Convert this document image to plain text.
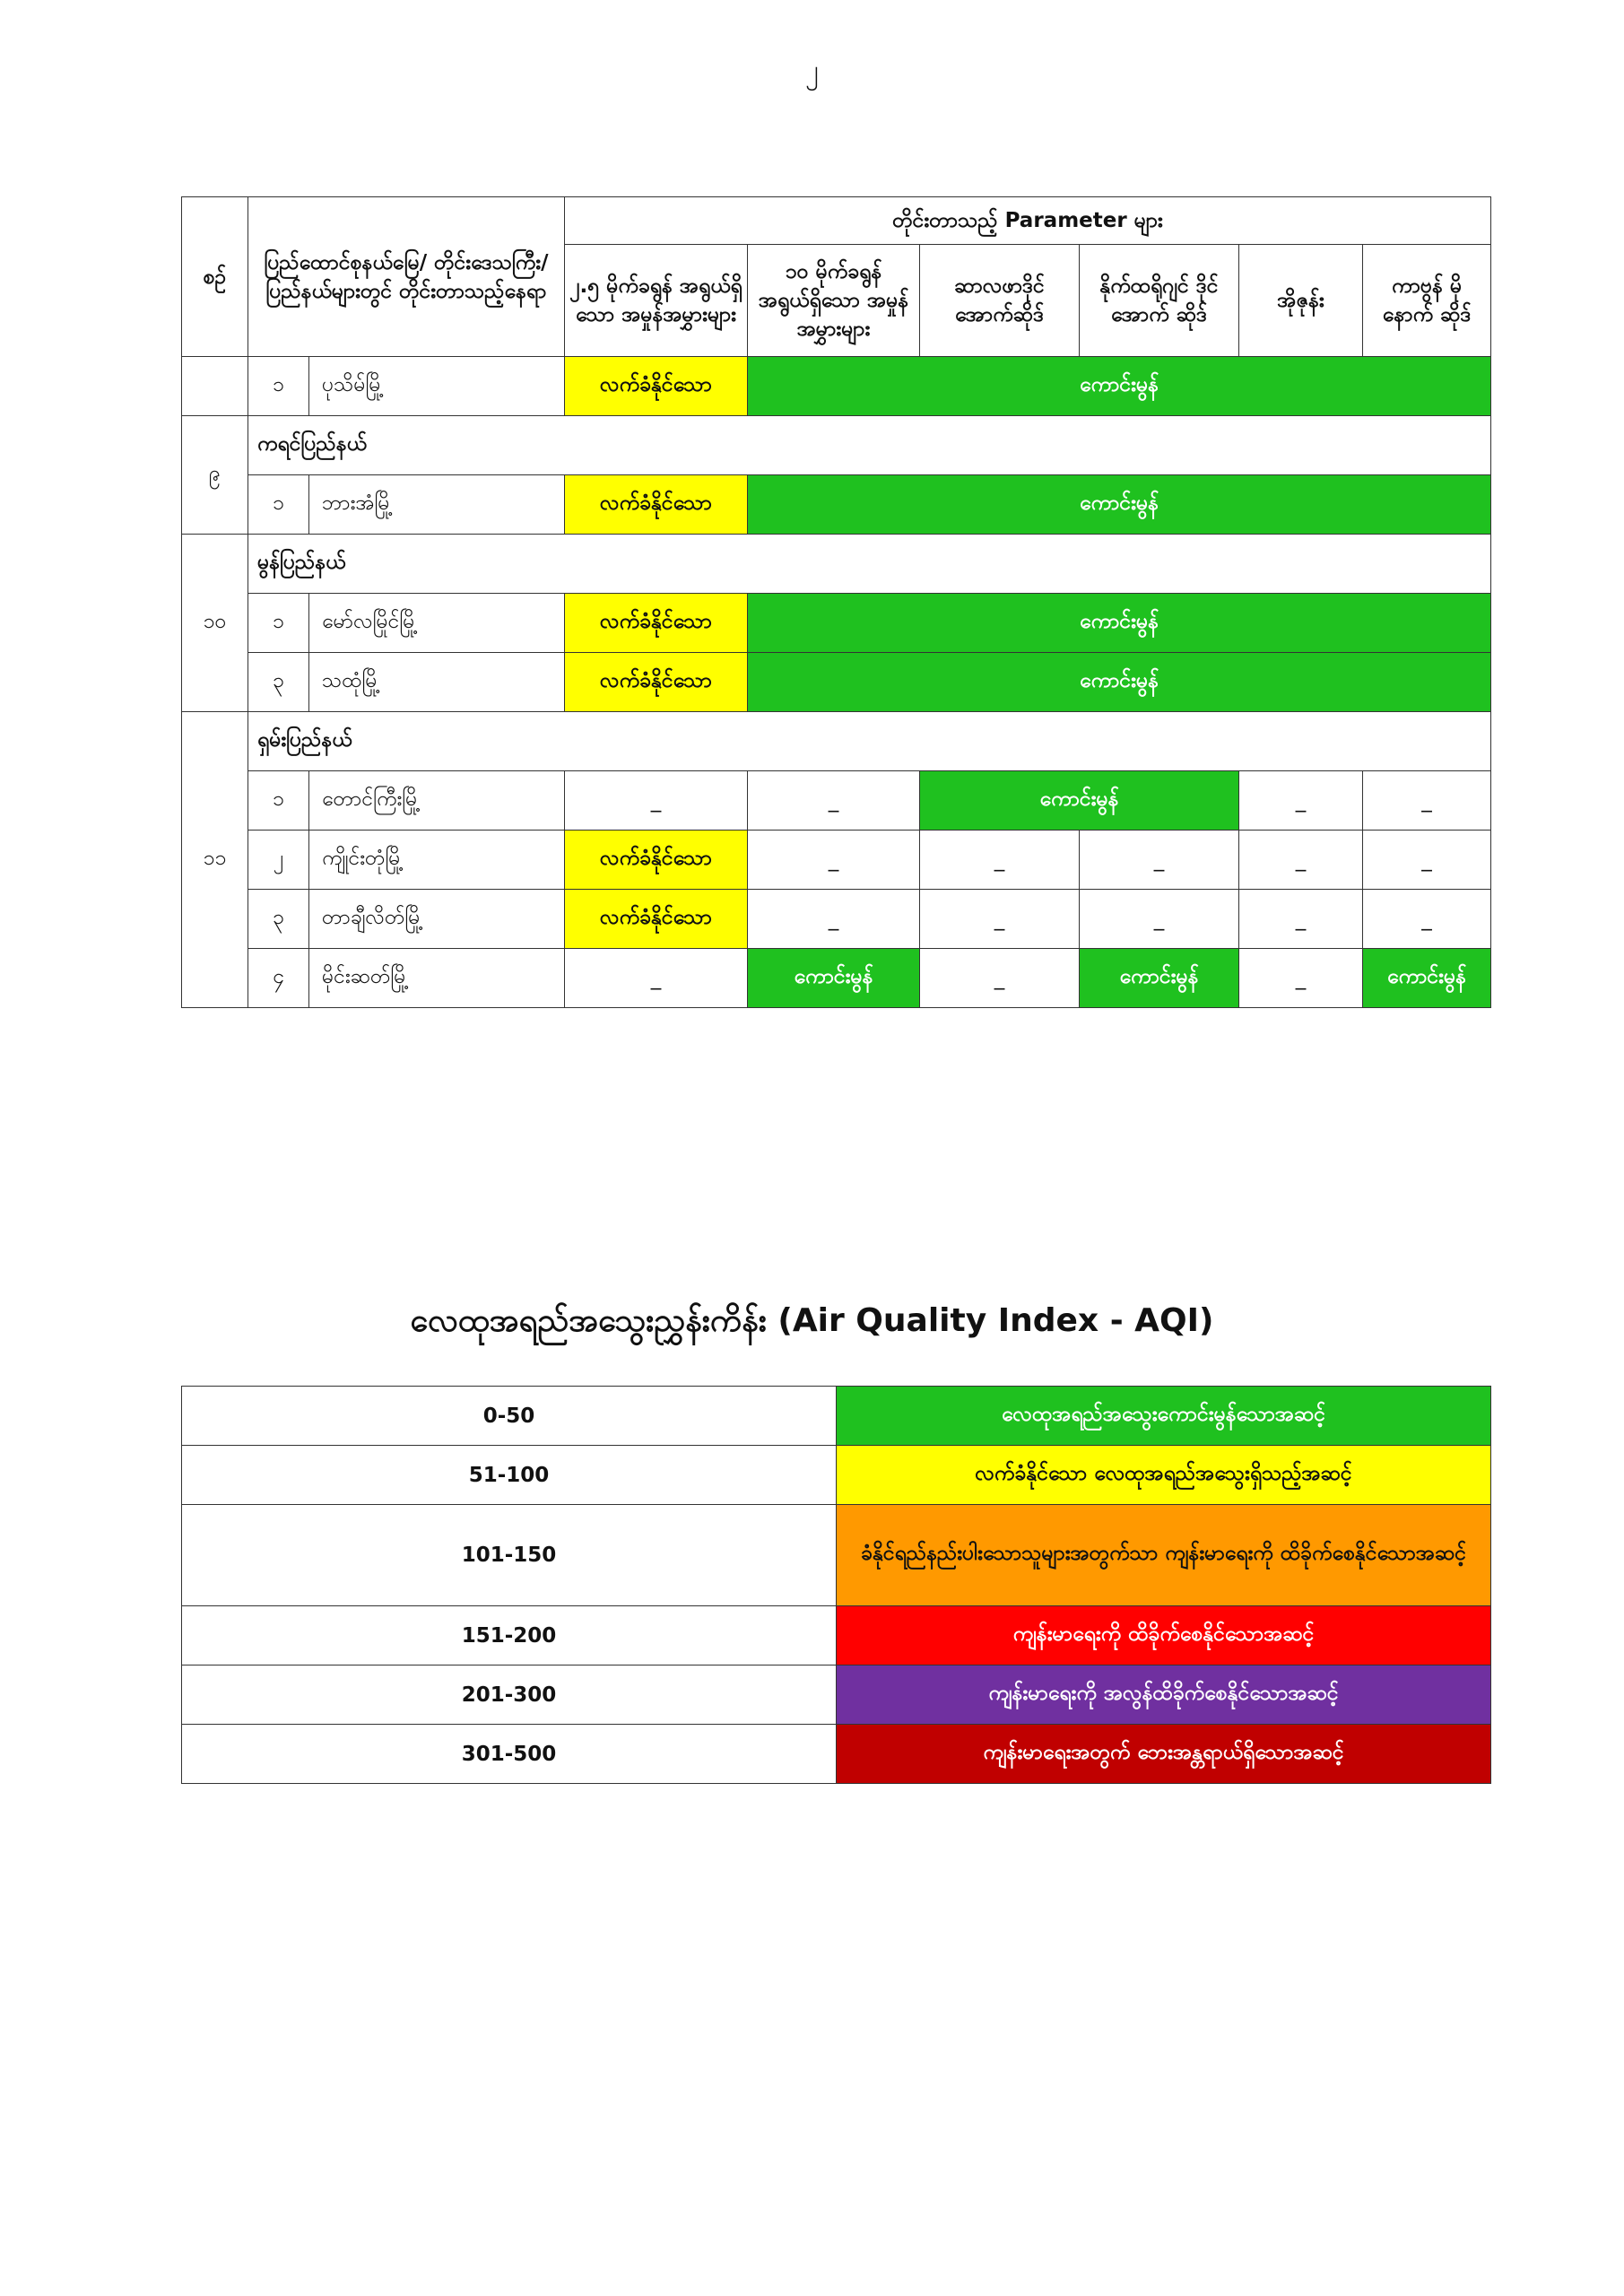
၂
စဉ်	ပြည်ထောင်စုနယ်မြေ/ တိုင်းဒေသကြီး/ ပြည်နယ်များတွင် တိုင်းတာသည့်နေရာ		တိုင်းတာသည့် Parameter များ					
			၂.၅ မိုက်ခရွန် အရွယ်ရှိသော အမှုန်အမွှားများ	၁၀ မိုက်ခရွန် အရွယ်ရှိသော အမှုန်အမွှားများ	ဆာလဖာဒိုင် အောက်ဆိုဒ်	နိုက်ထရိုဂျင် ဒိုင်အောက် ဆိုဒ်	အိုဇုန်း	ကာဗွန် မိုနောက် ဆိုဒ်
	၁	ပုသိမ်မြို့	လက်ခံနိုင်သော	ကောင်းမွန်				
၉	ကရင်ပြည်နယ်							
	၁	ဘားအံမြို့	လက်ခံနိုင်သော	ကောင်းမွန်				
၁၀	မွန်ပြည်နယ်							
	၁	မော်လမြိုင်မြို့	လက်ခံနိုင်သော	ကောင်းမွန်				
	၃	သထုံမြို့	လက်ခံနိုင်သော	ကောင်းမွန်				
၁၁	ရှမ်းပြည်နယ်							
	၁	တောင်ကြီးမြို့	_	_	ကောင်းမွန်		_	_
	၂	ကျိုင်းတုံမြို့	လက်ခံနိုင်သော	_	_	_	_	_
	၃	တာချီလိတ်မြို့	လက်ခံနိုင်သော	_	_	_	_	_
	၄	မိုင်းဆတ်မြို့	_	ကောင်းမွန်	_	ကောင်းမွန်	_	ကောင်းမွန်
လေထုအရည်အသွေးညွှန်းကိန်း (Air Quality Index - AQI)
0-50	လေထုအရည်အသွေးကောင်းမွန်သောအဆင့်
51-100	လက်ခံနိုင်သော လေထုအရည်အသွေးရှိသည့်အဆင့်
101-150	ခံနိုင်ရည်နည်းပါးသောသူများအတွက်သာ ကျန်းမာရေးကို ထိခိုက်စေနိုင်သောအဆင့်
151-200	ကျန်းမာရေးကို ထိခိုက်စေနိုင်သောအဆင့်
201-300	ကျန်းမာရေးကို အလွန်ထိခိုက်စေနိုင်သောအဆင့်
301-500	ကျန်းမာရေးအတွက် ဘေးအန္တရာယ်ရှိသောအဆင့်
